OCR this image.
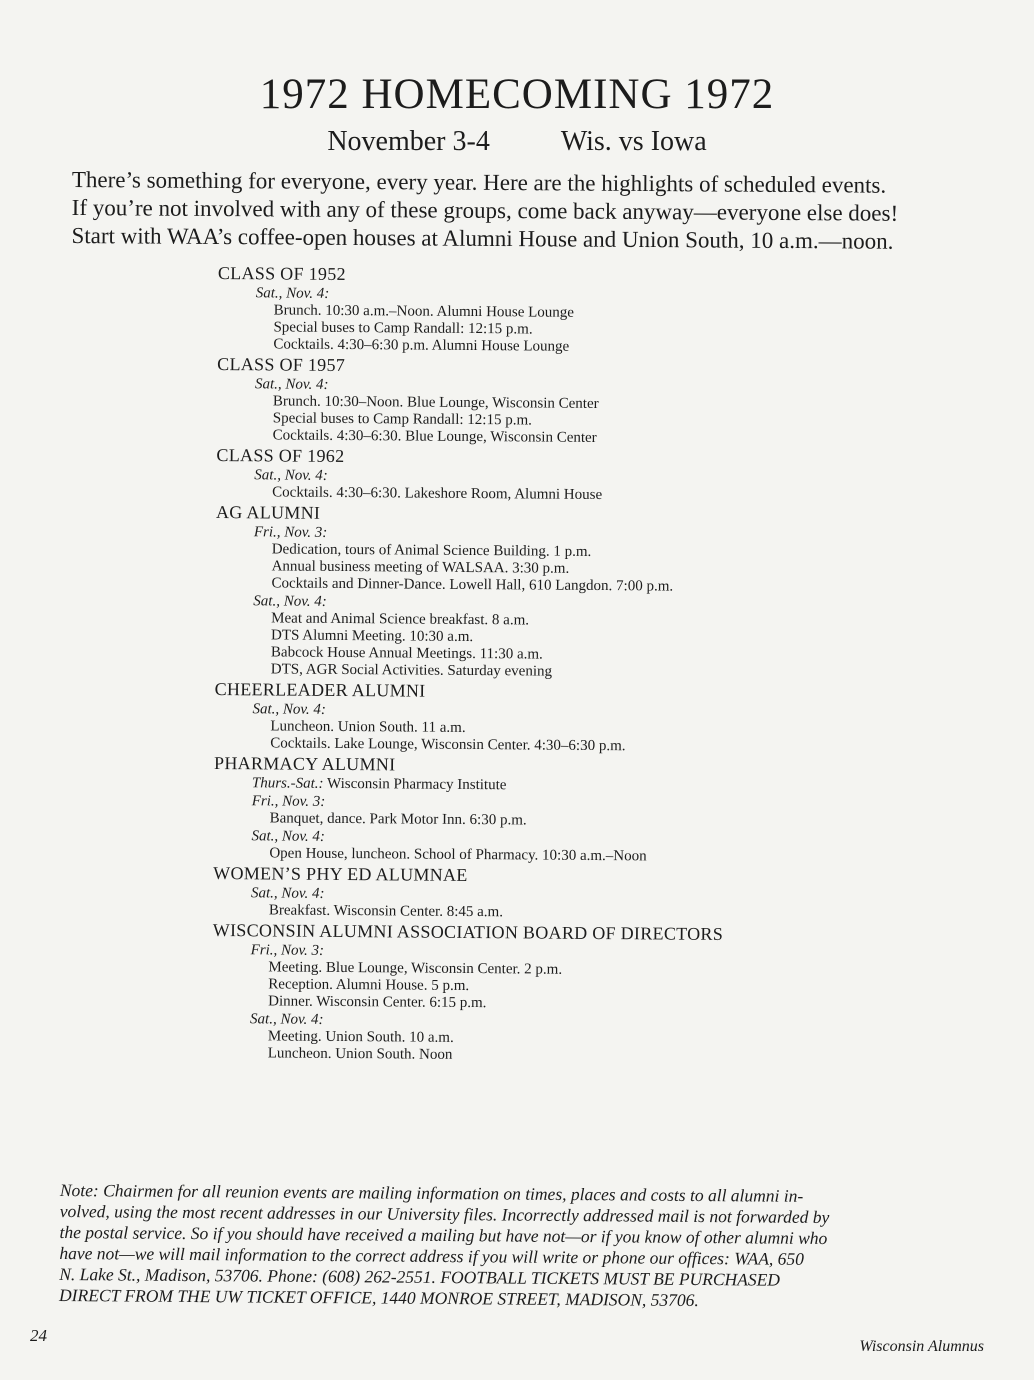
1972 HOMECOMING 1972
November 3-4	Wis. vs Iowa

There’s something for everyone, every year. Here are the highlights of scheduled events.

If you’re not involved with any of these groups, come back anyway—everyone else does!

Start with WAA’s coffee-open houses at Alumni House and Union South, 10 a.m.—noon.

CLASS OF 1952
Sat., Nov. 4:
Brunch. 10:30 a.m.–Noon. Alumni House Lounge
Special buses to Camp Randall: 12:15 p.m.
Cocktails. 4:30–6:30 p.m. Alumni House Lounge
CLASS OF 1957
Sat., Nov. 4:
Brunch. 10:30–Noon. Blue Lounge, Wisconsin Center
Special buses to Camp Randall: 12:15 p.m.
Cocktails. 4:30–6:30. Blue Lounge, Wisconsin Center
CLASS OF 1962
Sat., Nov. 4:
Cocktails. 4:30–6:30. Lakeshore Room, Alumni House
AG ALUMNI
Fri., Nov. 3:
Dedication, tours of Animal Science Building. 1 p.m.
Annual business meeting of WALSAA. 3:30 p.m.
Cocktails and Dinner-Dance. Lowell Hall, 610 Langdon. 7:00 p.m.
Sat., Nov. 4:
Meat and Animal Science breakfast. 8 a.m.
DTS Alumni Meeting. 10:30 a.m.
Babcock House Annual Meetings. 11:30 a.m.
DTS, AGR Social Activities. Saturday evening
CHEERLEADER ALUMNI
Sat., Nov. 4:
Luncheon. Union South. 11 a.m.
Cocktails. Lake Lounge, Wisconsin Center. 4:30–6:30 p.m.
PHARMACY ALUMNI
Thurs.-Sat.: Wisconsin Pharmacy Institute
Fri., Nov. 3:
Banquet, dance. Park Motor Inn. 6:30 p.m.
Sat., Nov. 4:
Open House, luncheon. School of Pharmacy. 10:30 a.m.–Noon
WOMEN’S PHY ED ALUMNAE
Sat., Nov. 4:
Breakfast. Wisconsin Center. 8:45 a.m.
WISCONSIN ALUMNI ASSOCIATION BOARD OF DIRECTORS
Fri., Nov. 3:
Meeting. Blue Lounge, Wisconsin Center. 2 p.m.
Reception. Alumni House. 5 p.m.
Dinner. Wisconsin Center. 6:15 p.m.
Sat., Nov. 4:
Meeting. Union South. 10 a.m.
Luncheon. Union South. Noon

Note: Chairmen for all reunion events are mailing information on times, places and costs to all alumni in-

volved, using the most recent addresses in our University files. Incorrectly addressed mail is not forwarded by

the postal service. So if you should have received a mailing but have not—or if you know of other alumni who

have not—we will mail information to the correct address if you will write or phone our offices: WAA, 650

N. Lake St., Madison, 53706. Phone: (608) 262-2551. FOOTBALL TICKETS MUST BE PURCHASED

DIRECT FROM THE UW TICKET OFFICE, 1440 MONROE STREET, MADISON, 53706.

24
Wisconsin Alumnus
